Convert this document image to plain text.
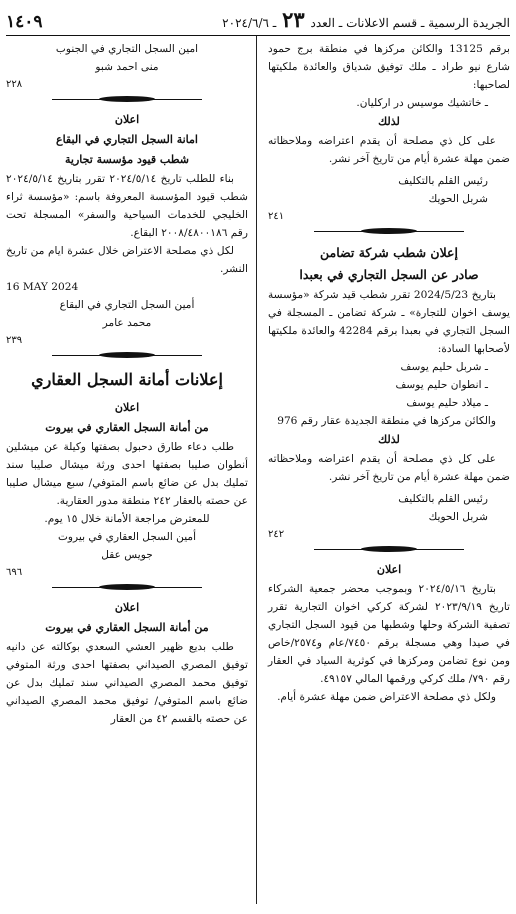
الجريدة الرسمية ـ قسم الاعلانات ـ العدد ٢٣ ـ ٢٠٢٤/٦/٦
١٤٠٩

برقم 13125 والكائن مركزها في منطقة برج حمود شارع نيو طراد ـ ملك توفيق شدياق والعائدة ملكيتها لصاحبها:

ـ خاتشيك موسيس در اركليان.

لذلك

على كل ذي مصلحة أن يقدم اعتراضه وملاحظاته ضمن مهلة عشرة أيام من تاريخ آخر نشر.

رئيس القلم بالتكليف

شربل الحويك

٢٤١

إعلان شطب شركة تضامن

صادر عن السجل التجاري في بعبدا

بتاريخ 2024/5/23 تقرر شطب قيد شركة «مؤسسة يوسف اخوان للتجارة» ـ شركة تضامن ـ المسجلة في السجل التجاري في بعبدا برقم 42284 والعائدة ملكيتها لأصحابها السادة:

ـ شربل حليم يوسف

ـ انطوان حليم يوسف

ـ ميلاد حليم يوسف

والكائن مركزها في منطقة الجديدة عقار رقم 976

لذلك

على كل ذي مصلحة أن يقدم اعتراضه وملاحظاته ضمن مهلة عشرة أيام من تاريخ آخر نشر.

رئيس القلم بالتكليف

شربل الحويك

٢٤٢

اعلان

بتاريخ ٢٠٢٤/٥/١٦ وبموجب محضر جمعية الشركاء تاريخ ٢٠٢٣/٩/١٩ لشركة كركي اخوان التجارية تقرر تصفية الشركة وحلها وشطبها من قيود السجل التجاري في صيدا وهي مسجلة برقم ٧٤٥٠/عام و٢٥٧٤/خاص ومن نوع تضامن ومركزها في كوثرية السياد في العقار رقم ٧٩٠/ ملك كركي ورقمها المالي ٤٩١٥٧.

ولكل ذي مصلحة الاعتراض ضمن مهلة عشرة أيام.

امين السجل التجاري في الجنوب

منى احمد شبو

٢٢٨

اعلان

امانة السجل التجاري في البقاع

شطب قيود مؤسسة تجارية

بناء للطلب تاريخ ٢٠٢٤/٥/١٤ تقرر بتاريخ ٢٠٢٤/٥/١٤ شطب قيود المؤسسة المعروفة باسم: «مؤسسة ثراء الخليجي للخدمات السياحية والسفر» المسجلة تحت رقم ٢٠٠٨/٤٨٠٠١٨٦ البقاع.

لكل ذي مصلحة الاعتراض خلال عشرة ايام من تاريخ النشر.

16 MAY 2024

أمين السجل التجاري في البقاع

محمد عامر

٢٣٩

إعلانات أمانة السجل العقاري

اعلان

من أمانة السجل العقاري في بيروت

طلب دعاء طارق دحبول بصفتها وكيلة عن ميشلين أنطوان صليبا بصفتها احدى ورثة ميشال صليبا سند تمليك بدل عن ضائع باسم المتوفي/ سبع ميشال صليبا عن حصته بالعقار ٢٤٢ منطقة مدور العقارية.

للمعترض مراجعة الأمانة خلال ١٥ يوم.

أمين السجل العقاري في بيروت

جويس عقل

٦٩٦

اعلان

من أمانة السجل العقاري في بيروت

طلب بديع ظهير العشي السعدي بوكالته عن دانيه توفيق المصري الصيداني بصفتها احدى ورثة المتوفي توفيق محمد المصري الصيداني سند تمليك بدل عن ضائع باسم المتوفي/ توفيق محمد المصري الصيداني عن حصته بالقسم ٤٢ من العقار
